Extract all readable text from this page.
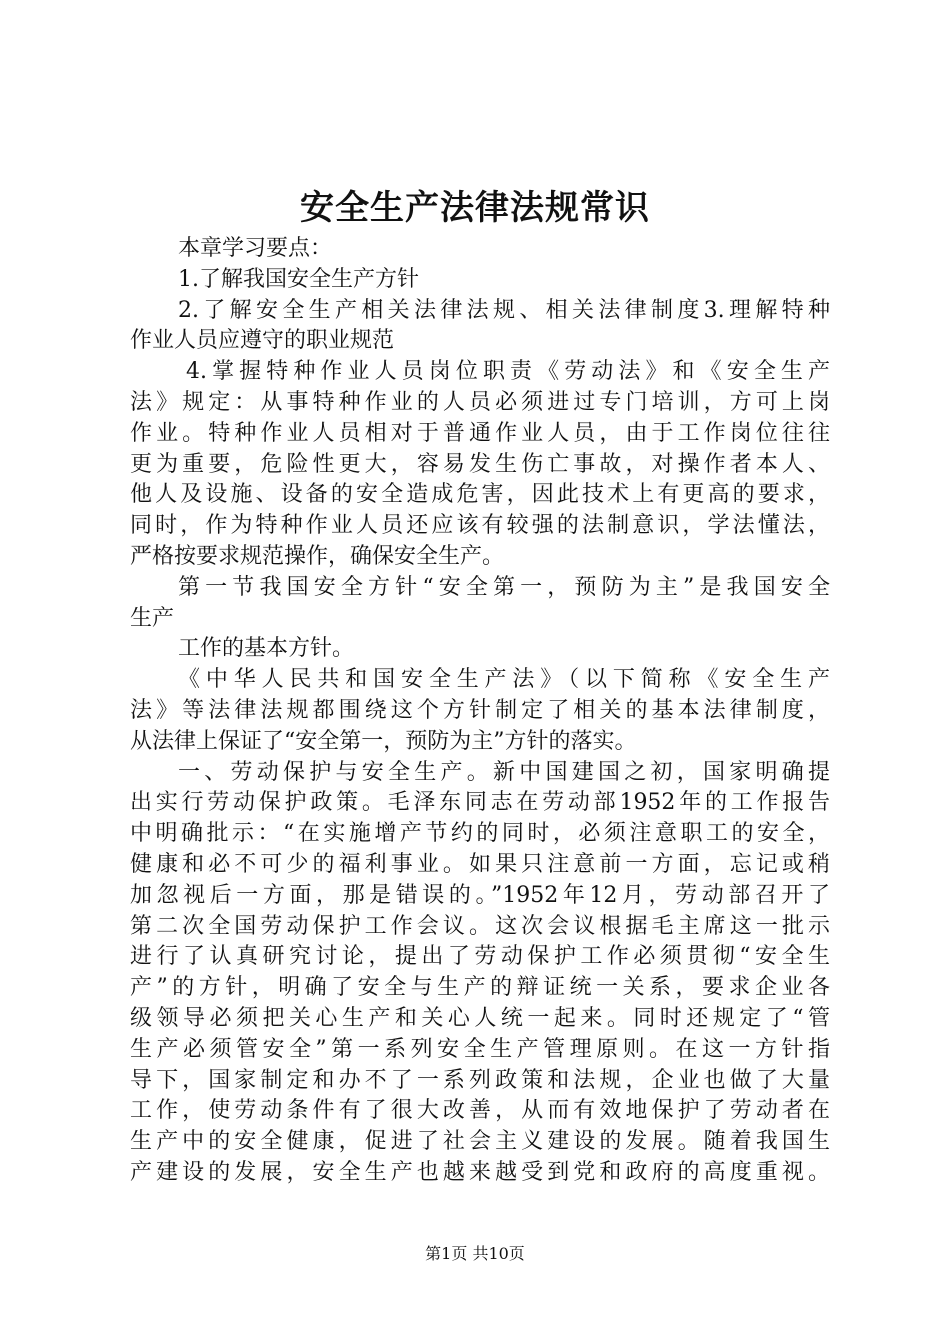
安全生产法律法规常识
本章学习要点：
1.了解我国安全生产方针
2.了解安全生产相关法律法规、相关法律制度3.理解特种
作业人员应遵守的职业规范
4.掌握特种作业人员岗位职责《劳动法》和《安全生产
法》规定：从事特种作业的人员必须进过专门培训，方可上岗
作业。特种作业人员相对于普通作业人员，由于工作岗位往往
更为重要，危险性更大，容易发生伤亡事故，对操作者本人、
他人及设施、设备的安全造成危害，因此技术上有更高的要求，
同时，作为特种作业人员还应该有较强的法制意识，学法懂法，
严格按要求规范操作，确保安全生产。
第一节我国安全方针“安全第一，预防为主”是我国安全
生产
工作的基本方针。
《中华人民共和国安全生产法》（以下简称《安全生产
法》等法律法规都围绕这个方针制定了相关的基本法律制度，
从法律上保证了“安全第一，预防为主”方针的落实。
一、劳动保护与安全生产。新中国建国之初，国家明确提
出实行劳动保护政策。毛泽东同志在劳动部1952年的工作报告
中明确批示：“在实施增产节约的同时，必须注意职工的安全，
健康和必不可少的福利事业。如果只注意前一方面，忘记或稍
加忽视后一方面，那是错误的。”1952年12月，劳动部召开了
第二次全国劳动保护工作会议。这次会议根据毛主席这一批示
进行了认真研究讨论，提出了劳动保护工作必须贯彻“安全生
产”的方针，明确了安全与生产的辩证统一关系，要求企业各
级领导必须把关心生产和关心人统一起来。同时还规定了“管
生产必须管安全”第一系列安全生产管理原则。在这一方针指
导下，国家制定和办不了一系列政策和法规，企业也做了大量
工作，使劳动条件有了很大改善，从而有效地保护了劳动者在
生产中的安全健康，促进了社会主义建设的发展。随着我国生
产建设的发展，安全生产也越来越受到党和政府的高度重视。
第1页 共10页
